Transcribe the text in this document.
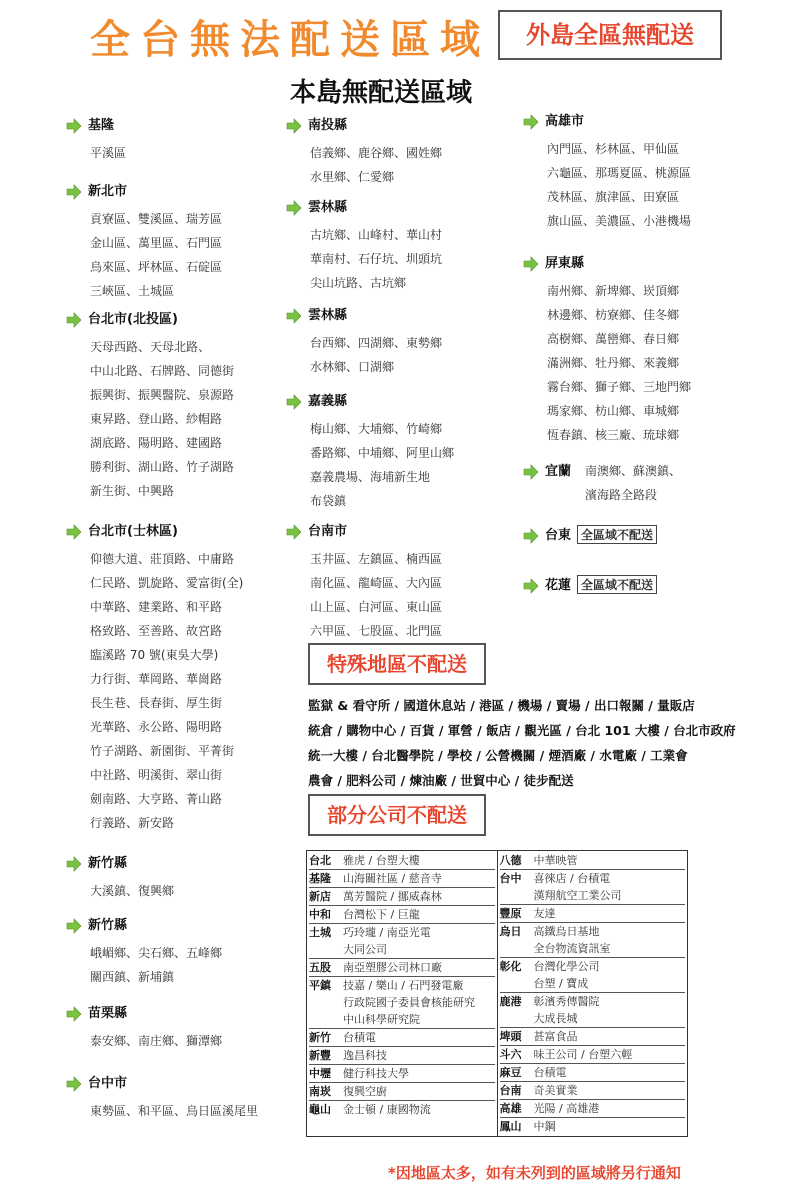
全台無法配送區域	外島全區無配送
本島無配送區域
基隆
平溪區
新北市
貢寮區、雙溪區、瑞芳區
金山區、萬里區、石門區
烏來區、坪林區、石碇區
三峽區、土城區
台北市(北投區)
天母西路、天母北路、
中山北路、石牌路、同德街
振興街、振興醫院、泉源路
東昇路、登山路、紗帽路
湖底路、陽明路、建國路
勝利街、湖山路、竹子湖路
新生街、中興路
台北市(士林區)
仰德大道、莊頂路、中庸路
仁民路、凱旋路、愛富街(全)
中華路、建業路、和平路
格致路、至善路、故宮路
臨溪路 70 號(東吳大學)
力行街、華岡路、華崗路
長生巷、長春街、厚生街
光華路、永公路、陽明路
竹子湖路、新園街、平菁街
中社路、明溪街、翠山街
劍南路、大亨路、菁山路
行義路、新安路
新竹縣
大溪鎮、復興鄉
新竹縣
峨嵋鄉、尖石鄉、五峰鄉
關西鎮、新埔鎮
苗栗縣
泰安鄉、南庄鄉、獅潭鄉
台中市
東勢區、和平區、烏日區溪尾里
南投縣
信義鄉、鹿谷鄉、國姓鄉
水里鄉、仁愛鄉
雲林縣
古坑鄉、山峰村、華山村
華南村、石仔坑、圳頭坑
尖山坑路、古坑鄉
雲林縣
台西鄉、四湖鄉、東勢鄉
水林鄉、口湖鄉
嘉義縣
梅山鄉、大埔鄉、竹崎鄉
番路鄉、中埔鄉、阿里山鄉
嘉義農場、海埔新生地
布袋鎮
台南市
玉井區、左鎮區、楠西區
南化區、龍崎區、大內區
山上區、白河區、東山區
六甲區、七股區、北門區
高雄市
內門區、杉林區、甲仙區
六龜區、那瑪夏區、桃源區
茂林區、旗津區、田寮區
旗山區、美濃區、小港機場
屏東縣
南州鄉、新埤鄉、崁頂鄉
林邊鄉、枋寮鄉、佳冬鄉
高樹鄉、萬巒鄉、春日鄉
滿洲鄉、牡丹鄉、來義鄉
霧台鄉、獅子鄉、三地門鄉
瑪家鄉、枋山鄉、車城鄉
恆春鎮、核三廠、琉球鄉
宜蘭 南澳鄉、蘇澳鎮、
濱海路全路段
台東 全區域不配送
花蓮 全區域不配送
特殊地區不配送
監獄 & 看守所 / 國道休息站 / 港區 / 機場 / 賣場 / 出口報關 / 量販店
統倉 / 購物中心 / 百貨 / 軍營 / 飯店 / 觀光區 / 台北 101 大樓 / 台北市政府
統一大樓 / 台北醫學院 / 學校 / 公營機關 / 煙酒廠 / 水電廠 / 工業會
農會 / 肥料公司 / 煉油廠 / 世貿中心 / 徒步配送
部分公司不配送
台北	雅虎 / 台塑大樓
基隆	山海關社區 / 慈音寺
新店	萬芳醫院 / 挪威森林
中和	台灣松下 / 巨龍
土城	巧玲瓏 / 南亞光電
大同公司
五股	南亞塑膠公司林口廠
平鎮	技嘉 / 樂山 / 石門發電廠
行政院國子委員會核能研究
中山科學研究院
新竹	台積電
新豐	逸昌科技
中壢	健行科技大學
南崁	復興空廚
龜山	金士頓 / 康國物流

八德	中華映管
台中	喜徠店 / 台積電
漢翔航空工業公司
豐原	友達
烏日	高鐵烏日基地
全台物流資訊室
彰化	台灣化學公司
台塑 / 寶成
鹿港	彰濱秀傳醫院
大成長城
埤頭	甚富食品
斗六	味王公司 / 台塑六輕
麻豆	台積電
台南	奇美實業
高雄	光陽 / 高雄港
鳳山	中鋼
*因地區太多，如有未列到的區域將另行通知
